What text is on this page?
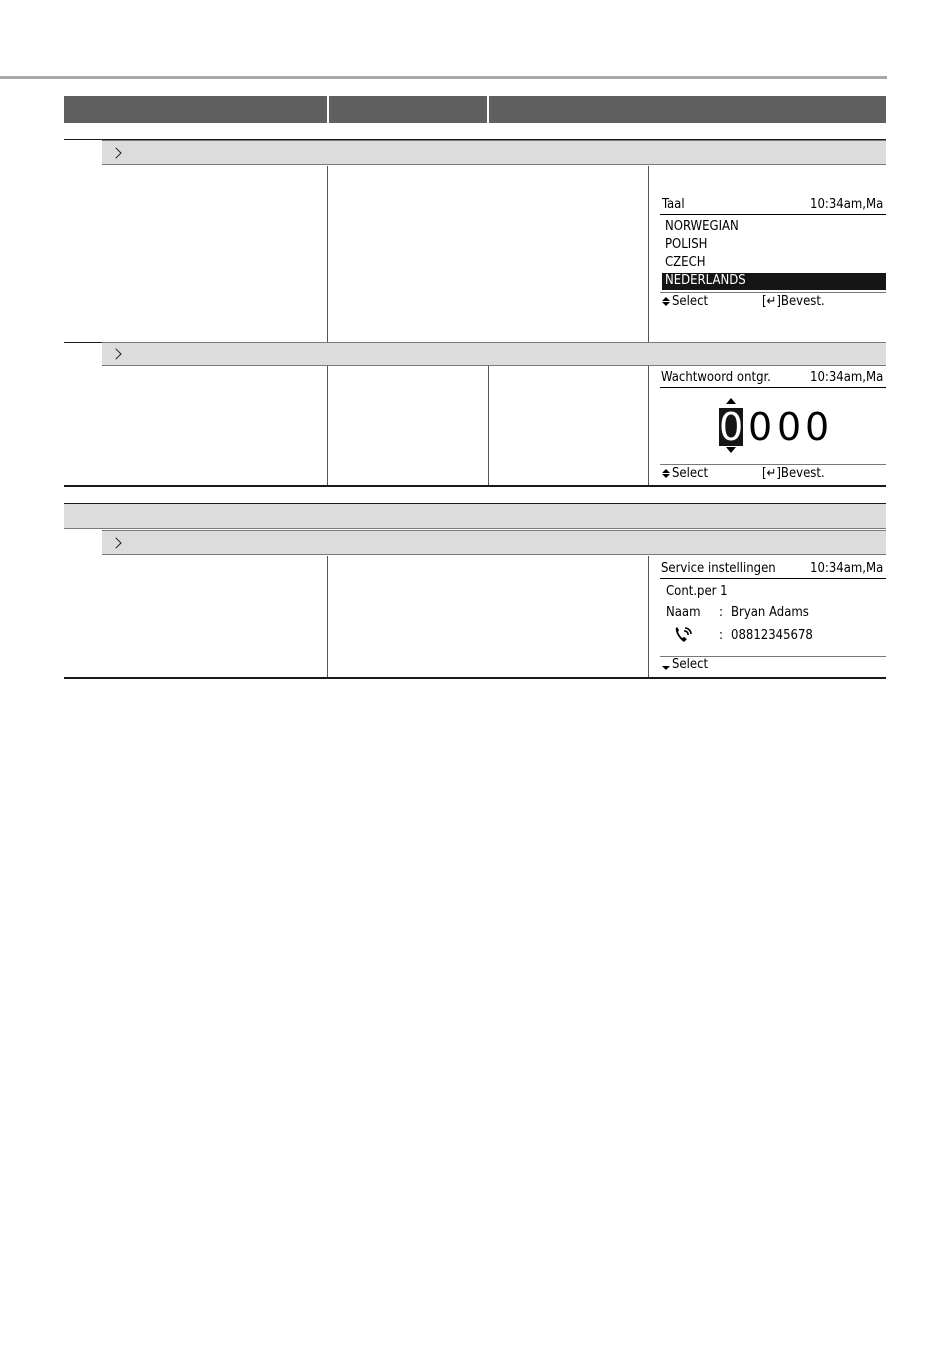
Taal	10:34am,Ma
NORWEGIAN
POLISH
CZECH
NEDERLANDS
Select	[↵]Bevest.
Wachtwoord ontgr.	10:34am,Ma
0 0 0 0
Select	[↵]Bevest.
Service instellingen	10:34am,Ma
Cont.per 1
Naam : Bryan Adams
: 08812345678
Select
